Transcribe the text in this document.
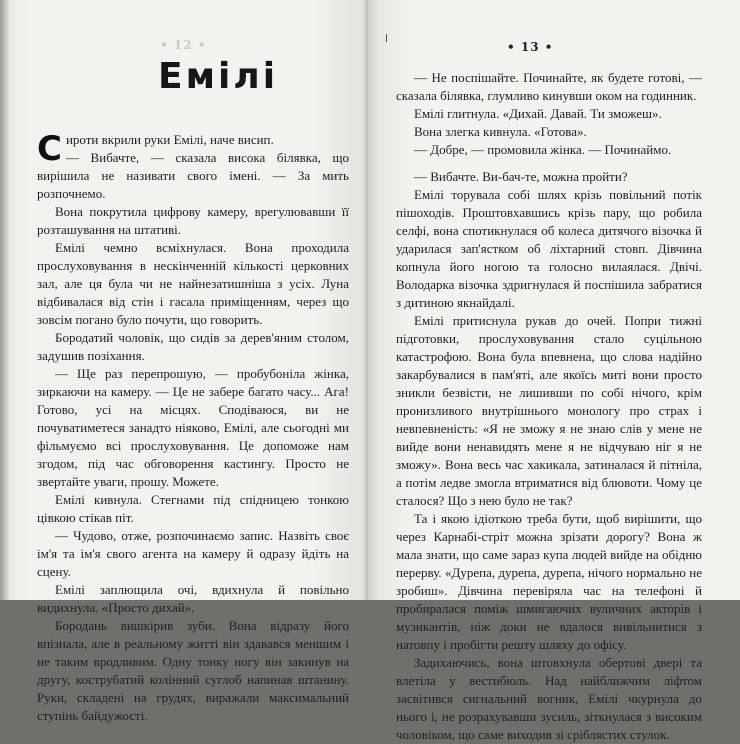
• 12 •
Емілі

Сироти вкрили руки Емілі, наче висип.

— Вибачте, — сказала висока білявка, що вирішила не називати свого імені. — За мить розпочнемо.

Вона покрутила цифрову камеру, врегулювавши її розташування на штативі.

Емілі чемно всміхнулася. Вона проходила прослуховування в нескінченній кількості церковних зал, але ця була чи не найнезатишніша з усіх. Луна відбивалася від стін і гасала приміщенням, через що зовсім погано було почути, що говорить.

Бородатий чоловік, що сидів за дерев'яним столом, задушив позіхання.

— Ще раз перепрошую, — пробубоніла жінка, зиркаючи на камеру. — Це не забере багато часу... Ага! Готово, усі на місцях. Сподіваюся, ви не почуватиметеся занадто ніяково, Емілі, але сьогодні ми фільмуємо всі прослуховування. Це допоможе нам згодом, під час обговорення кастингу. Просто не звертайте уваги, прошу. Можете.

Емілі кивнула. Стегнами під спідницею тонкою цівкою стікав піт.

— Чудово, отже, розпочинаємо запис. Назвіть своє ім'я та ім'я свого агента на камеру й одразу йдіть на сцену.

Емілі заплющила очі, вдихнула й повільно видихнула. «Просто дихай».

Бородань вишкірив зуби. Вона відразу його впізнала, але в реальному житті він здавався меншим і не таким вродливим. Одну тонку ногу він закинув на другу, кострубатий колінний суглоб напинав штанину. Руки, складені на грудях, виражали максимальний ступінь байдужості.

• 13 •

— Не поспішайте. Починайте, як будете готові, — сказала білявка, глумливо кинувши оком на годинник.

Емілі глитнула. «Дихай. Давай. Ти зможеш».

Вона злегка кивнула. «Готова».

— Добре, — промовила жінка. — Починаймо.

— Вибачте. Ви-бач-те, можна пройти?

Емілі торувала собі шлях крізь повільний потік пішоходів. Проштовхавшись крізь пару, що робила селфі, вона спотикнулася об колеса дитячого візочка й ударилася зап'ястком об ліхтарний стовп. Дівчина копнула його ногою та голосно вилаялася. Двічі. Володарка візочка здригнулася й поспішила забратися з дитиною якнайдалі.

Емілі притиснула рукав до очей. Попри тижні підготовки, прослуховування стало суцільною катастрофою. Вона була впевнена, що слова надійно закарбувалися в пам'яті, але якоїсь миті вони просто зникли безвісти, не лишивши по собі нічого, крім пронизливого внутрішнього монологу про страх і невпевненість: «Я не зможу я не знаю слів у мене не вийде вони ненавидять мене я не відчуваю ніг я не зможу». Вона весь час хакикала, затиналася й пітніла, а потім ледве змогла втриматися від блювоти. Чому це сталося? Що з нею було не так?

Та і якою ідіоткою треба бути, щоб вирішити, що через Карнабі-стріт можна зрізати дорогу? Вона ж мала знати, що саме зараз купа людей вийде на обідню перерву. «Дурепа, дурепа, дурепа, нічого нормально не зробиш». Дівчина перевіряла час на телефоні й пробиралася поміж шмигаючих вуличних акторів і музикантів, ніж доки не вдалося вивільнитися з натовпу і пробігти решту шляху до офісу.

Задихаючись, вона штовхнула обертові двері та влетіла у вестибюль. Над найближчим ліфтом засвітився сигнальний вогник, Емілі чкурнула до нього і, не розрахувавши зусиль, зіткнулася з високим чоловіком, що саме виходив зі сріблястих стулок.
